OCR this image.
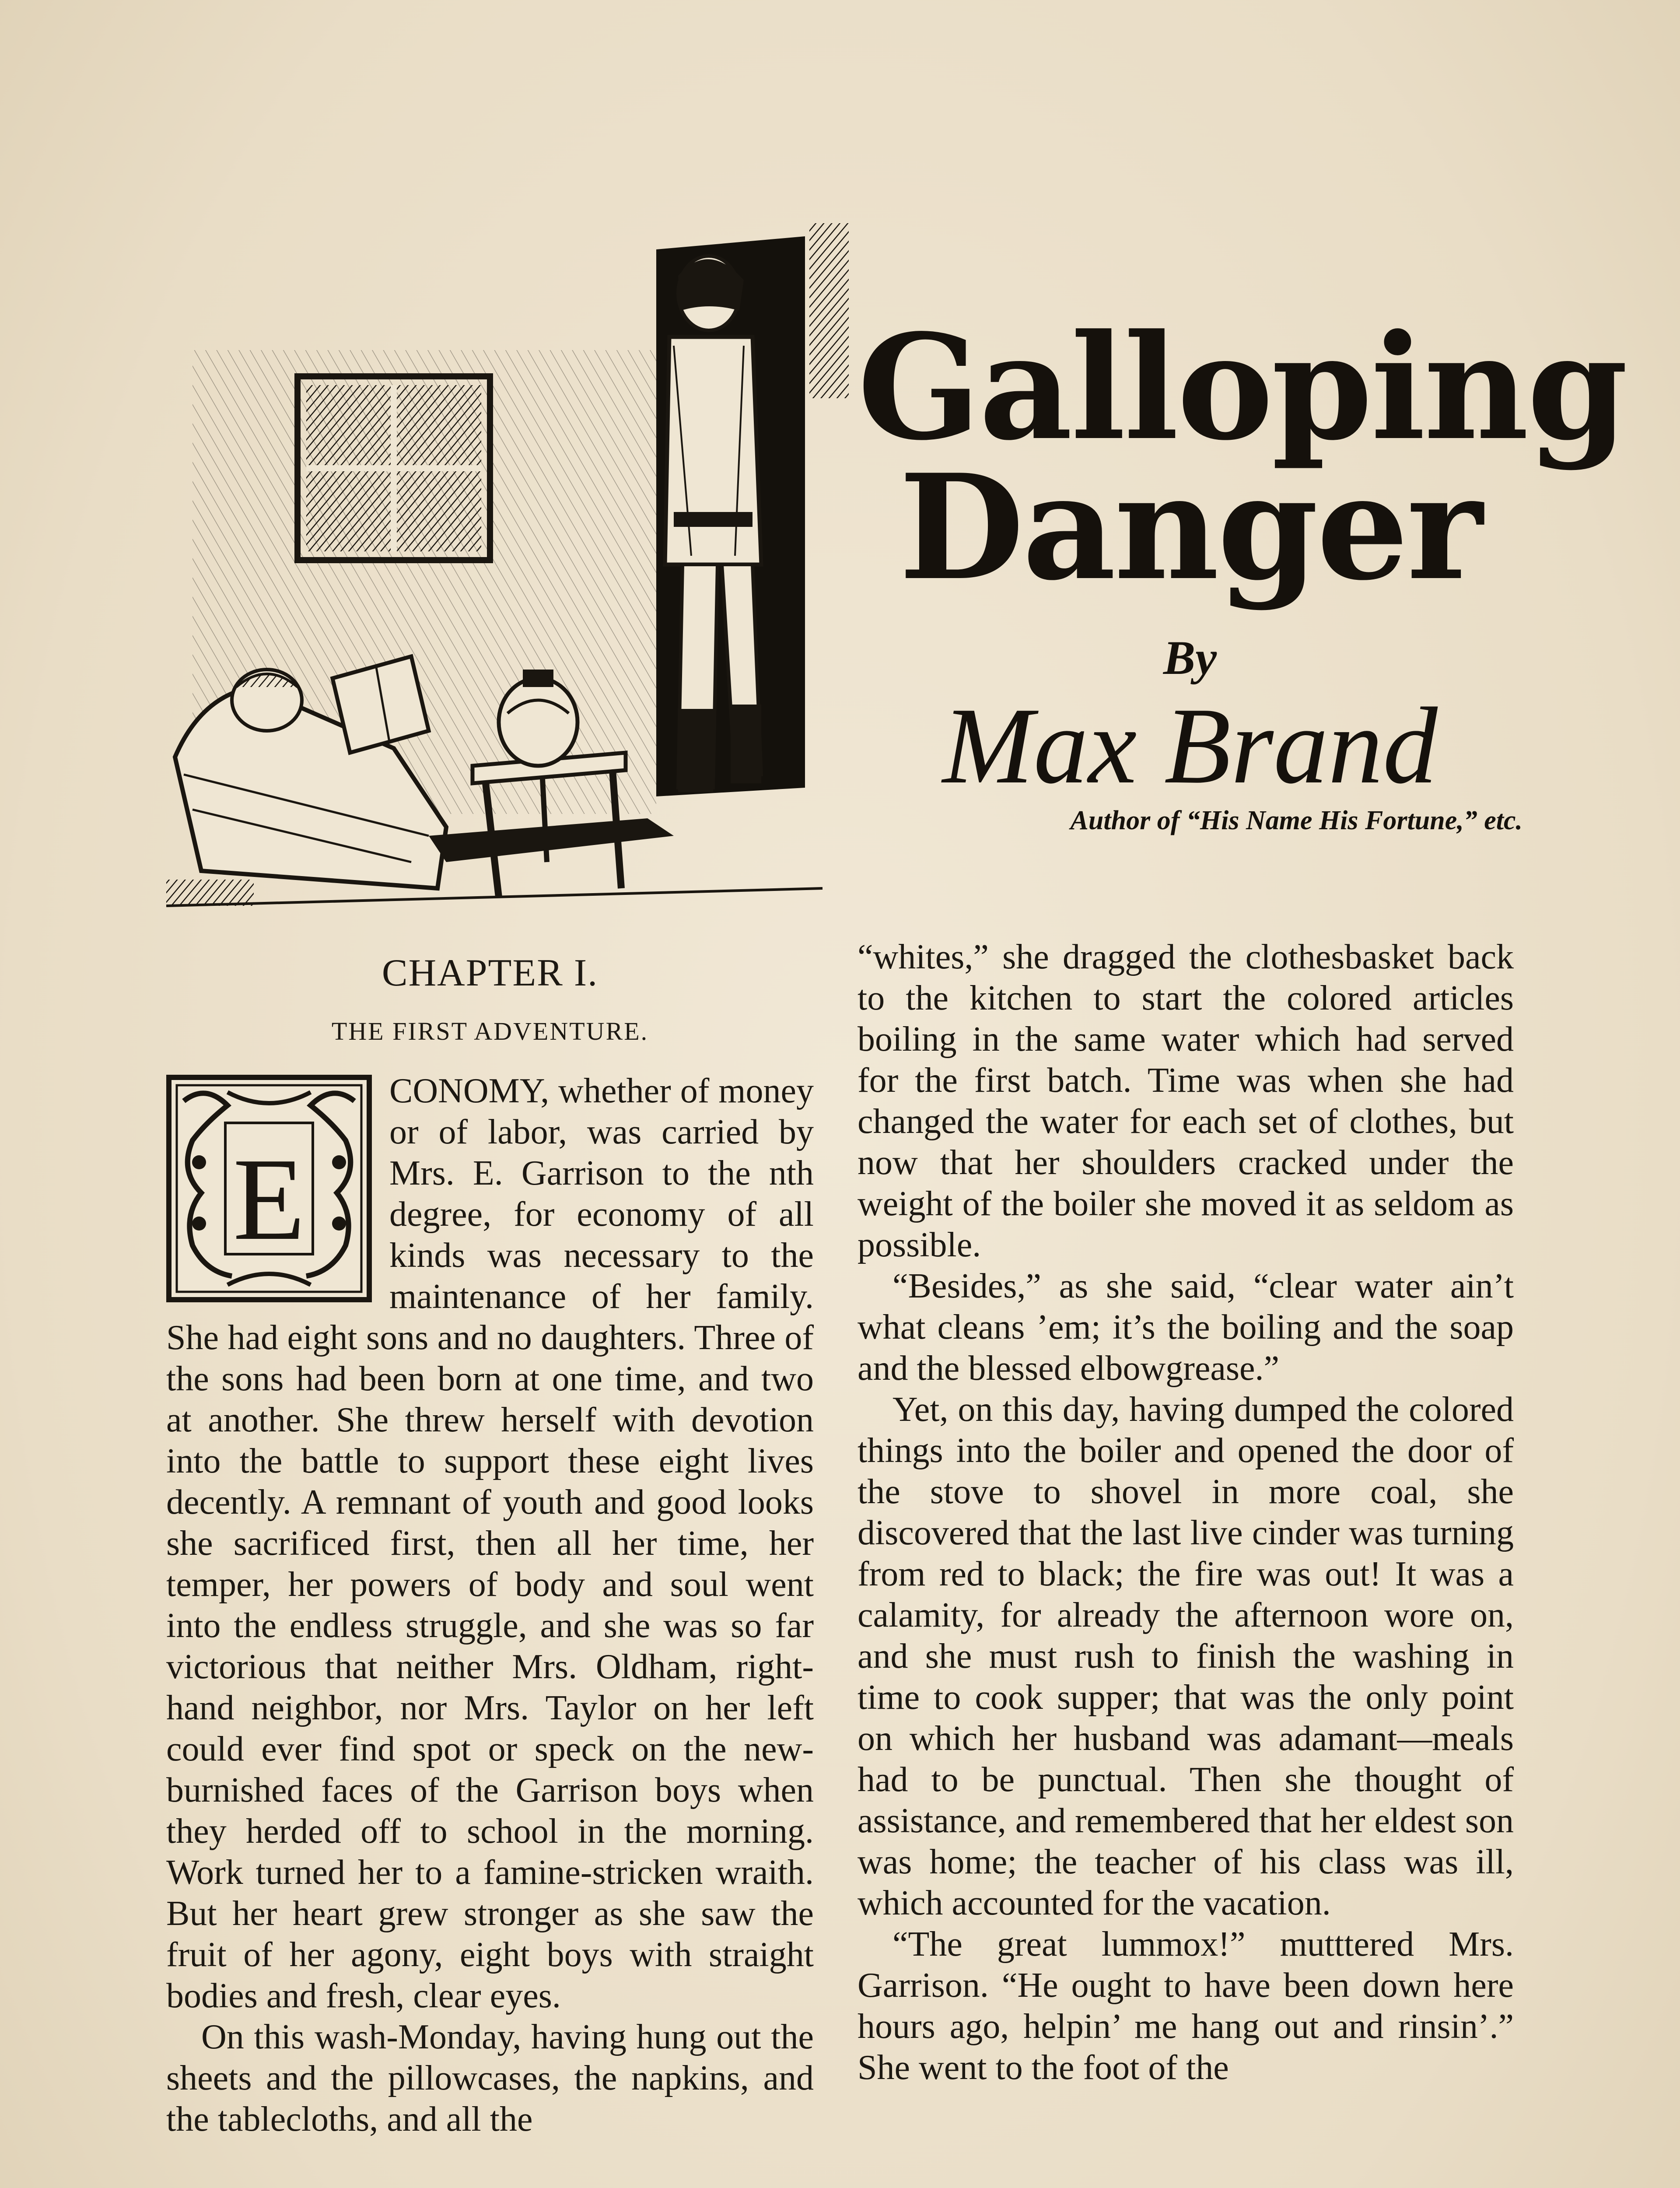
Galloping
Danger
By
Max Brand
Author of “His Name His Fortune,” etc.
CHAPTER I.
THE FIRST ADVENTURE.
E

CONOMY, whether of money or of labor, was carried by Mrs. E. Garrison to the nth degree, for economy of all kinds was necessary to the maintenance of her family. She had eight sons and no daughters. Three of the sons had been born at one time, and two at another. She threw herself with devotion into the battle to support these eight lives decently. A remnant of youth and good looks she sacrificed first, then all her time, her temper, her powers of body and soul went into the endless struggle, and she was so far victorious that neither Mrs. Oldham, right-hand neighbor, nor Mrs. Taylor on her left could ever find spot or speck on the new-burnished faces of the Garrison boys when they herded off to school in the morning. Work turned her to a famine-stricken wraith. But her heart grew stronger as she saw the fruit of her agony, eight boys with straight bodies and fresh, clear eyes.

On this wash-Monday, having hung out the sheets and the pillowcases, the napkins, and the tablecloths, and all the

“whites,” she dragged the clothesbasket back to the kitchen to start the colored articles boiling in the same water which had served for the first batch. Time was when she had changed the water for each set of clothes, but now that her shoulders cracked under the weight of the boiler she moved it as seldom as possible.

“Besides,” as she said, “clear water ain’t what cleans ’em; it’s the boiling and the soap and the blessed elbowgrease.”

Yet, on this day, having dumped the colored things into the boiler and opened the door of the stove to shovel in more coal, she discovered that the last live cinder was turning from red to black; the fire was out! It was a calamity, for already the afternoon wore on, and she must rush to finish the washing in time to cook supper; that was the only point on which her husband was adamant—meals had to be punctual. Then she thought of assistance, and remembered that her eldest son was home; the teacher of his class was ill, which accounted for the vacation.

“The great lummox!” mutttered Mrs. Garrison. “He ought to have been down here hours ago, helpin’ me hang out and rinsin’.” She went to the foot of the
